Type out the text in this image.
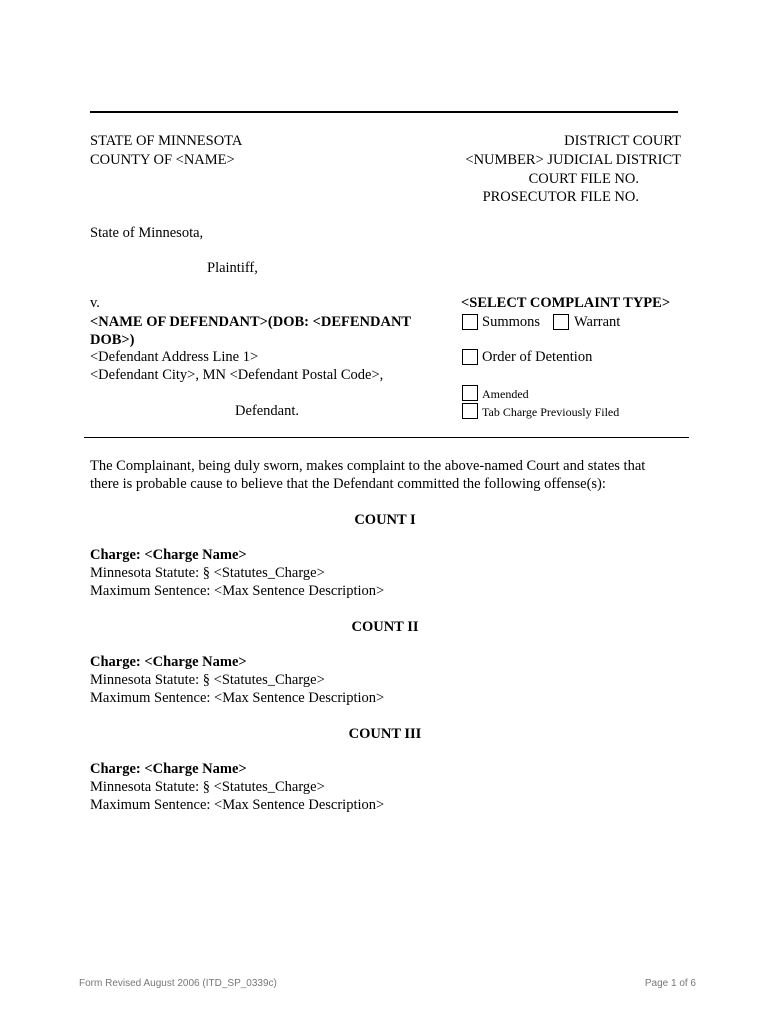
STATE OF MINNESOTA
COUNTY OF <NAME>
DISTRICT COURT
<NUMBER> JUDICIAL DISTRICT
COURT FILE NO.
PROSECUTOR FILE NO.
State of Minnesota,
Plaintiff,
v.
<NAME OF DEFENDANT>(DOB: <DEFENDANT
DOB>)
<Defendant Address Line 1>
<Defendant City>, MN <Defendant Postal Code>,
Defendant.
<SELECT COMPLAINT TYPE>
Summons Warrant
Order of Detention
Amended
Tab Charge Previously Filed
The Complainant, being duly sworn, makes complaint to the above-named Court and states that
there is probable cause to believe that the Defendant committed the following offense(s):
COUNT I
Charge: <Charge Name>
Minnesota Statute: § <Statutes_Charge>
Maximum Sentence: <Max Sentence Description>
COUNT II
Charge: <Charge Name>
Minnesota Statute: § <Statutes_Charge>
Maximum Sentence: <Max Sentence Description>
COUNT III
Charge: <Charge Name>
Minnesota Statute: § <Statutes_Charge>
Maximum Sentence: <Max Sentence Description>
Form Revised August 2006 (ITD_SP_0339c)	Page 1 of 6
